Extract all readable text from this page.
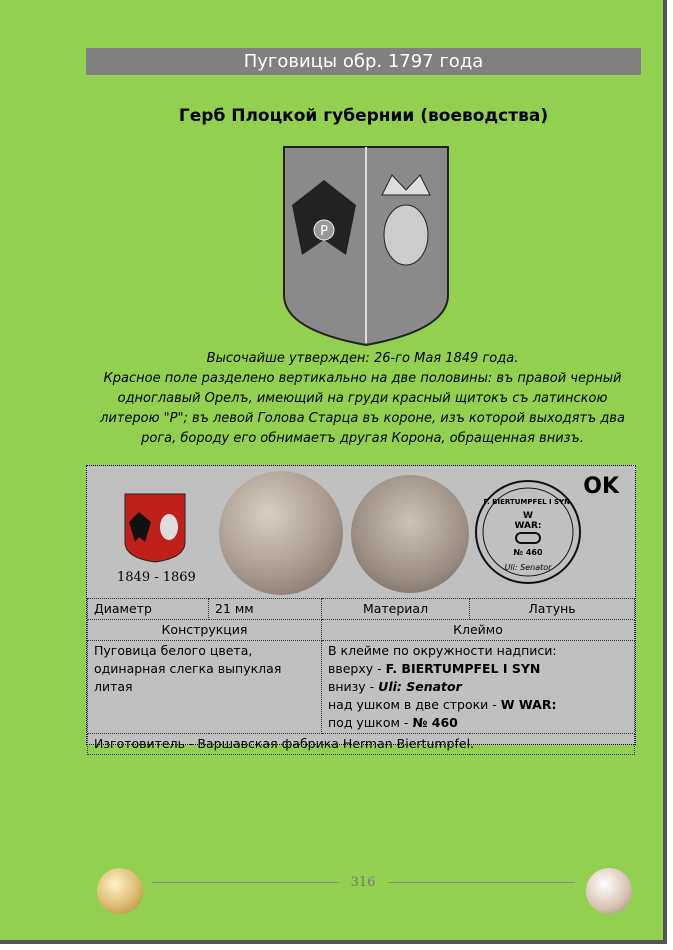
Пуговицы обр. 1797 года
Герб Плоцкой губернии (воеводства)
P
Высочайше утвержден: 26-го Мая 1849 года.
Красное поле разделено вертикально на две половины: въ правой черный одноглавый Орелъ, имеющий на груди красный щитокъ съ латинскою литерою "Р"; въ левой Голова Старца въ короне, изъ которой выходятъ два рога, бороду его обнимаетъ другая Корона, обращенная внизъ.
1849 - 1869
F. BIERTUMPFEL I SYN.
W
WAR:
№ 460
Uli: Senator
OK
Диаметр	21 мм	Материал	Латунь
Конструкция		Клеймо	
Пуговица белого цвета, одинарная слегка выпуклая литая		В клейме по окружности надписи:
вверху - F. BIERTUMPFEL I SYN
внизу - Uli: Senator
над ушком в две строки - W WAR:
под ушком - № 460	

Изготовитель - Варшавская фабрика Herman Biertumpfel.			
316
